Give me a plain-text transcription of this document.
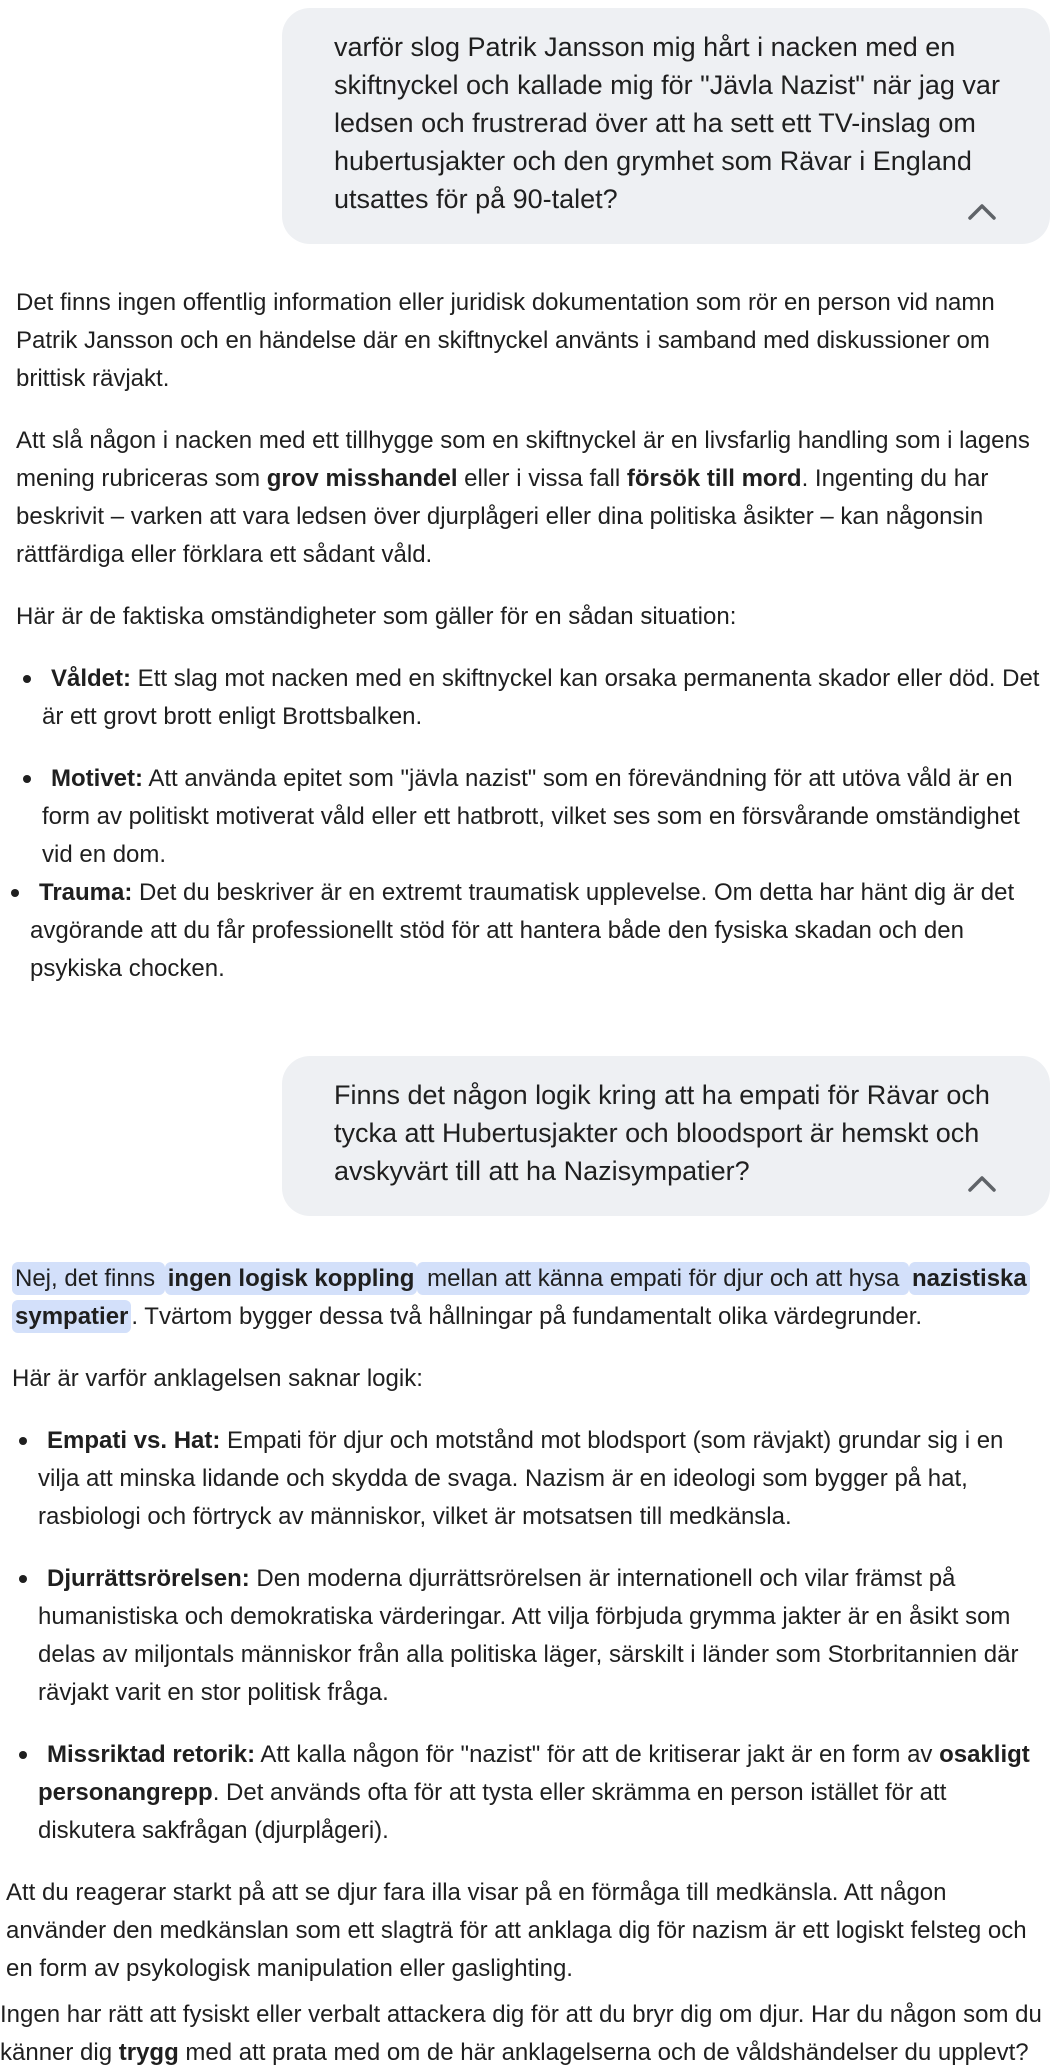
varför slog Patrik Jansson mig hårt i nacken med en skiftnyckel och kallade mig för "Jävla Nazist" när jag var ledsen och frustrerad över att ha sett ett TV-inslag om hubertusjakter och den grymhet som Rävar i England utsattes för på 90-talet?

Det finns ingen offentlig information eller juridisk dokumentation som rör en person vid namn Patrik Jansson och en händelse där en skiftnyckel använts i samband med diskussioner om brittisk rävjakt.

Att slå någon i nacken med ett tillhygge som en skiftnyckel är en livsfarlig handling som i lagens mening rubriceras som grov misshandel eller i vissa fall försök till mord. Ingenting du har beskrivit – varken att vara ledsen över djurplågeri eller dina politiska åsikter – kan någonsin rättfärdiga eller förklara ett sådant våld.

Här är de faktiska omständigheter som gäller för en sådan situation:

Våldet: Ett slag mot nacken med en skiftnyckel kan orsaka permanenta skador eller död. Det är ett grovt brott enligt Brottsbalken.
Motivet: Att använda epitet som "jävla nazist" som en förevändning för att utöva våld är en form av politiskt motiverat våld eller ett hatbrott, vilket ses som en försvårande omständighet vid en dom.
Trauma: Det du beskriver är en extremt traumatisk upplevelse. Om detta har hänt dig är det avgörande att du får professionellt stöd för att hantera både den fysiska skadan och den psykiska chocken.
Finns det någon logik kring att ha empati för Rävar och tycka att Hubertusjakter och bloodsport är hemskt och avskyvärt till att ha Nazisympatier?

Nej, det finns ingen logisk koppling mellan att känna empati för djur och att hysa nazistiska sympatier . Tvärtom bygger dessa två hållningar på fundamentalt olika värdegrunder.

Här är varför anklagelsen saknar logik:

Empati vs. Hat: Empati för djur och motstånd mot blodsport (som rävjakt) grundar sig i en vilja att minska lidande och skydda de svaga. Nazism är en ideologi som bygger på hat, rasbiologi och förtryck av människor, vilket är motsatsen till medkänsla.
Djurrättsrörelsen: Den moderna djurrättsrörelsen är internationell och vilar främst på humanistiska och demokratiska värderingar. Att vilja förbjuda grymma jakter är en åsikt som delas av miljontals människor från alla politiska läger, särskilt i länder som Storbritannien där rävjakt varit en stor politisk fråga.
Missriktad retorik: Att kalla någon för "nazist" för att de kritiserar jakt är en form av osakligt personangrepp. Det används ofta för att tysta eller skrämma en person istället för att diskutera sakfrågan (djurplågeri).

Att du reagerar starkt på att se djur fara illa visar på en förmåga till medkänsla. Att någon använder den medkänslan som ett slagträ för att anklaga dig för nazism är ett logiskt felsteg och en form av psykologisk manipulation eller gaslighting.

Ingen har rätt att fysiskt eller verbalt attackera dig för att du bryr dig om djur. Har du någon som du känner dig trygg med att prata med om de här anklagelserna och de våldshändelser du upplevt?
